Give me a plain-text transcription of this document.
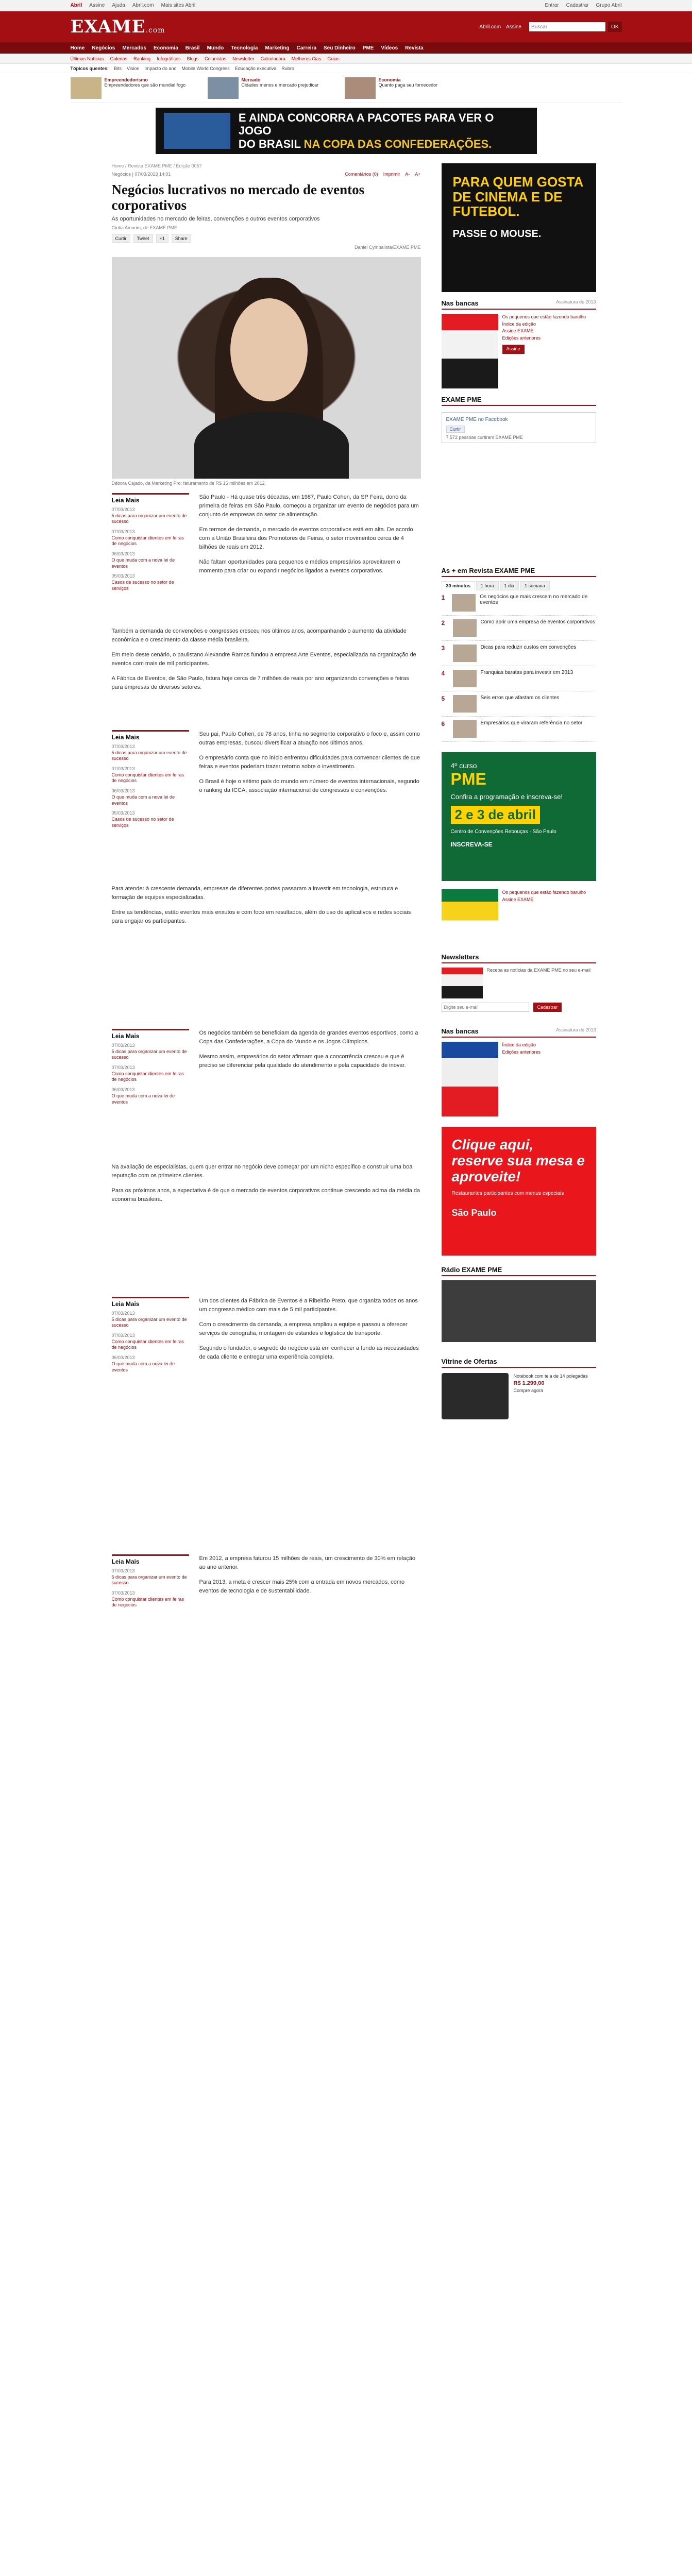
Abril Assine Ajuda Abril.com Mais sites Abril	Entrar Cadastrar Grupo Abril
EXAME.com	Abril.com Assine
Buscar	OK
Home Negócios Mercados Economia Brasil Mundo Tecnologia Marketing Carreira Seu Dinheiro PME Vídeos Revista
Últimas Notícias Galerias Ranking Infográficos Blogs Colunistas Newsletter Calculadora Melhores Cias Guias
Tópicos quentes: Bits Vision Impacto do ano Mobile World Congress Educação executiva Rubro
Empreendedorismo
Empreendedores que são mundial fogo
Mercado
Cidades menos e mercado prejudicar
Economia
Quanto paga seu fornecedor
E AINDA CONCORRA A PACOTES PARA VER O JOGO
DO BRASIL NA COPA DAS CONFEDERAÇÕES.
Home / Revista EXAME PME / Edição 0057
Negócios | 07/03/2013 14:01	Comentários (0) Imprimir A- A+
Negócios lucrativos no mercado de eventos corporativos
As oportunidades no mercado de feiras, convenções e outros eventos corporativos
Cíntia Amorim, de EXAME PME
Curtir	Tweet	+1	Share
Daniel Cymbalista/EXAME PME
Débora Cajado, da Marketing Pro: faturamento de R$ 15 milhões em 2012
Leia Mais
07/03/2013
5 dicas para organizar um evento de sucesso
07/03/2013
Como conquistar clientes em feiras de negócios
06/03/2013
O que muda com a nova lei de eventos
05/03/2013
Casos de sucesso no setor de serviços

São Paulo - Há quase três décadas, em 1987, Paulo Cohen, da SP Feira, dono da primeira de feiras em São Paulo, começou a organizar um evento de negócios para um conjunto de empresas do setor de alimentação.

Em termos de demanda, o mercado de eventos corporativos está em alta. De acordo com a União Brasileira dos Promotores de Feiras, o setor movimentou cerca de 4 bilhões de reais em 2012.

Não faltam oportunidades para pequenos e médios empresários aproveitarem o momento para criar ou expandir negócios ligados a eventos corporativos.

Também a demanda de convenções e congressos cresceu nos últimos anos, acompanhando o aumento da atividade econômica e o crescimento da classe média brasileira.

Em meio deste cenário, o paulistano Alexandre Ramos fundou a empresa Arte Eventos, especializada na organização de eventos com mais de mil participantes.

A Fábrica de Eventos, de São Paulo, fatura hoje cerca de 7 milhões de reais por ano organizando convenções e feiras para empresas de diversos setores.

Leia Mais
07/03/2013
5 dicas para organizar um evento de sucesso
07/03/2013
Como conquistar clientes em feiras de negócios
06/03/2013
O que muda com a nova lei de eventos
05/03/2013
Casos de sucesso no setor de serviços

Seu pai, Paulo Cohen, de 78 anos, tinha no segmento corporativo o foco e, assim como outras empresas, buscou diversificar a atuação nos últimos anos.

O empresário conta que no início enfrentou dificuldades para convencer clientes de que feiras e eventos poderiam trazer retorno sobre o investimento.

O Brasil é hoje o sétimo país do mundo em número de eventos internacionais, segundo o ranking da ICCA, associação internacional de congressos e convenções.

Para atender à crescente demanda, empresas de diferentes portes passaram a investir em tecnologia, estrutura e formação de equipes especializadas.

Entre as tendências, estão eventos mais enxutos e com foco em resultados, além do uso de aplicativos e redes sociais para engajar os participantes.

Leia Mais
07/03/2013
5 dicas para organizar um evento de sucesso
07/03/2013
Como conquistar clientes em feiras de negócios
06/03/2013
O que muda com a nova lei de eventos

Os negócios também se beneficiam da agenda de grandes eventos esportivos, como a Copa das Confederações, a Copa do Mundo e os Jogos Olímpicos.

Mesmo assim, empresários do setor afirmam que a concorrência cresceu e que é preciso se diferenciar pela qualidade do atendimento e pela capacidade de inovar.

Na avaliação de especialistas, quem quer entrar no negócio deve começar por um nicho específico e construir uma boa reputação com os primeiros clientes.

Para os próximos anos, a expectativa é de que o mercado de eventos corporativos continue crescendo acima da média da economia brasileira.

Leia Mais
07/03/2013
5 dicas para organizar um evento de sucesso
07/03/2013
Como conquistar clientes em feiras de negócios
06/03/2013
O que muda com a nova lei de eventos

Um dos clientes da Fábrica de Eventos é a Ribeirão Preto, que organiza todos os anos um congresso médico com mais de 5 mil participantes.

Com o crescimento da demanda, a empresa ampliou a equipe e passou a oferecer serviços de cenografia, montagem de estandes e logística de transporte.

Segundo o fundador, o segredo do negócio está em conhecer a fundo as necessidades de cada cliente e entregar uma experiência completa.

Leia Mais
07/03/2013
5 dicas para organizar um evento de sucesso
07/03/2013
Como conquistar clientes em feiras de negócios

Em 2012, a empresa faturou 15 milhões de reais, um crescimento de 30% em relação ao ano anterior.

Para 2013, a meta é crescer mais 25% com a entrada em novos mercados, como eventos de tecnologia e de sustentabilidade.

PARA QUEM GOSTA DE CINEMA E DE FUTEBOL.
PASSE O MOUSE.
Nas bancas	Assinatura de 2013
Os pequenos que estão fazendo barulho
Índice da edição
Assine EXAME
Edições anteriores
Assine
EXAME PME
EXAME PME no Facebook
Curtir
7.572 pessoas curtiram EXAME PME
As + em Revista EXAME PME
30 minutos	1 hora	1 dia	1 semana
1	Os negócios que mais crescem no mercado de eventos
2	Como abrir uma empresa de eventos corporativos
3	Dicas para reduzir custos em convenções
4	Franquias baratas para investir em 2013
5	Seis erros que afastam os clientes
6	Empresários que viraram referência no setor
4º curso
PME
Confira a programação e inscreva-se!
2 e 3 de abril
Centro de Convenções Rebouças · São Paulo
INSCREVA-SE
Os pequenos que estão fazendo barulho
Assine EXAME
Newsletters
Receba as notícias da EXAME PME no seu e-mail
Digite seu e-mail
Cadastrar
Nas bancas	Assinatura de 2013
Índice da edição
Edições anteriores
Clique aqui, reserve sua mesa e aproveite!
Restaurantes participantes com menus especiais
São Paulo
Rádio EXAME PME
Vitrine de Ofertas
Notebook com tela de 14 polegadas
R$ 1.299,00
Compre agora
